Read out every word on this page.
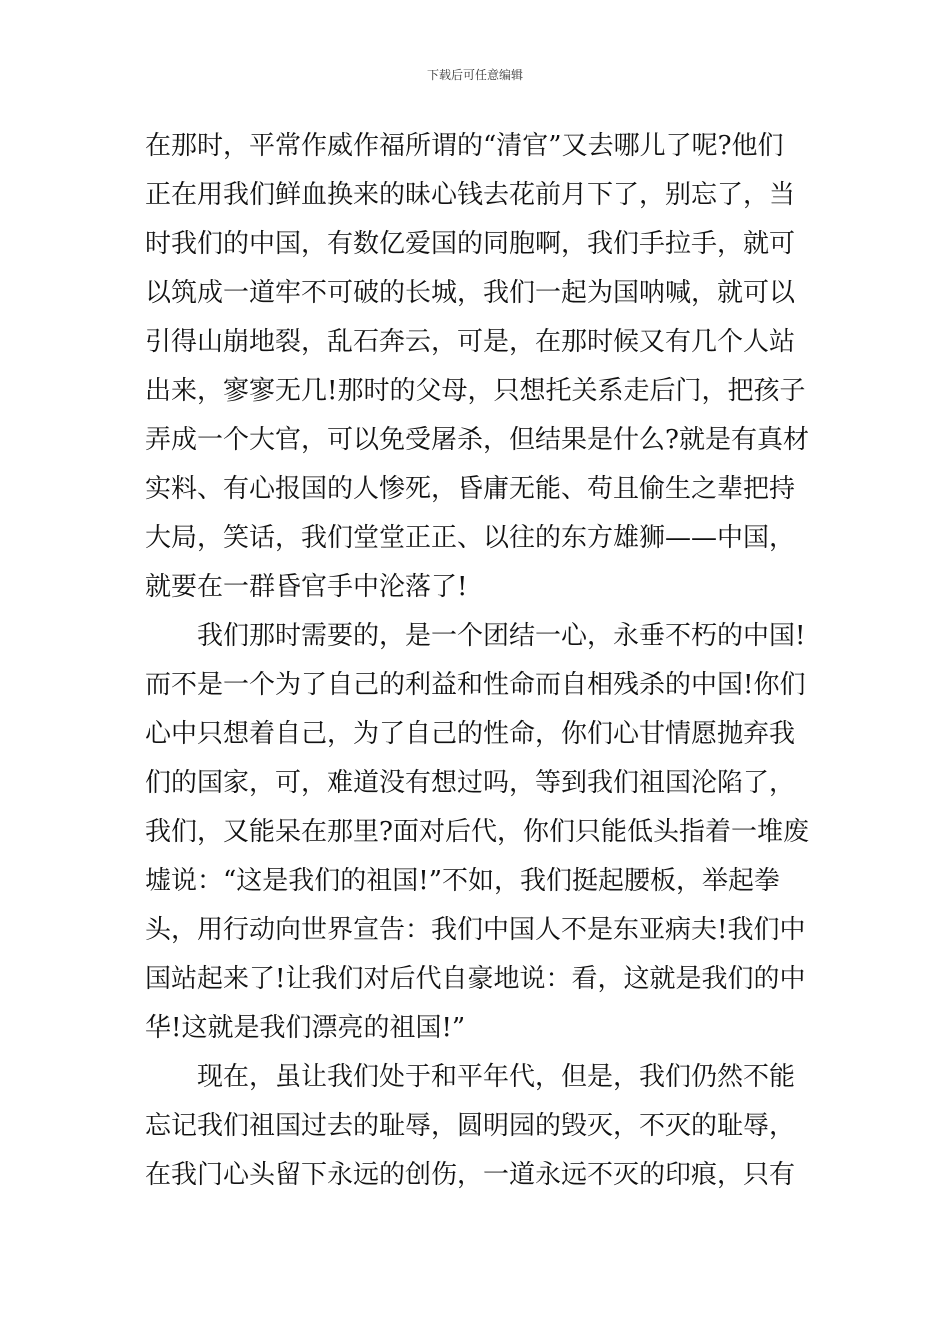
下载后可任意编辑
在那时，平常作威作福所谓的“清官”又去哪儿了呢?他们
正在用我们鲜血换来的昧心钱去花前月下了，别忘了，当
时我们的中国，有数亿爱国的同胞啊，我们手拉手，就可
以筑成一道牢不可破的长城，我们一起为国呐喊，就可以
引得山崩地裂，乱石奔云，可是，在那时候又有几个人站
出来，寥寥无几!那时的父母，只想托关系走后门，把孩子
弄成一个大官，可以免受屠杀，但结果是什么?就是有真材
实料、有心报国的人惨死，昏庸无能、苟且偷生之辈把持
大局，笑话，我们堂堂正正、以往的东方雄狮——中国，
就要在一群昏官手中沦落了!
我们那时需要的，是一个团结一心，永垂不朽的中国!
而不是一个为了自己的利益和性命而自相残杀的中国!你们
心中只想着自己，为了自己的性命，你们心甘情愿抛弃我
们的国家，可，难道没有想过吗，等到我们祖国沦陷了，
我们，又能呆在那里?面对后代，你们只能低头指着一堆废
墟说：“这是我们的祖国!”不如，我们挺起腰板，举起拳
头，用行动向世界宣告：我们中国人不是东亚病夫!我们中
国站起来了!让我们对后代自豪地说：看，这就是我们的中
华!这就是我们漂亮的祖国!”
现在，虽让我们处于和平年代，但是，我们仍然不能
忘记我们祖国过去的耻辱，圆明园的毁灭，不灭的耻辱，
在我门心头留下永远的创伤，一道永远不灭的印痕，只有
